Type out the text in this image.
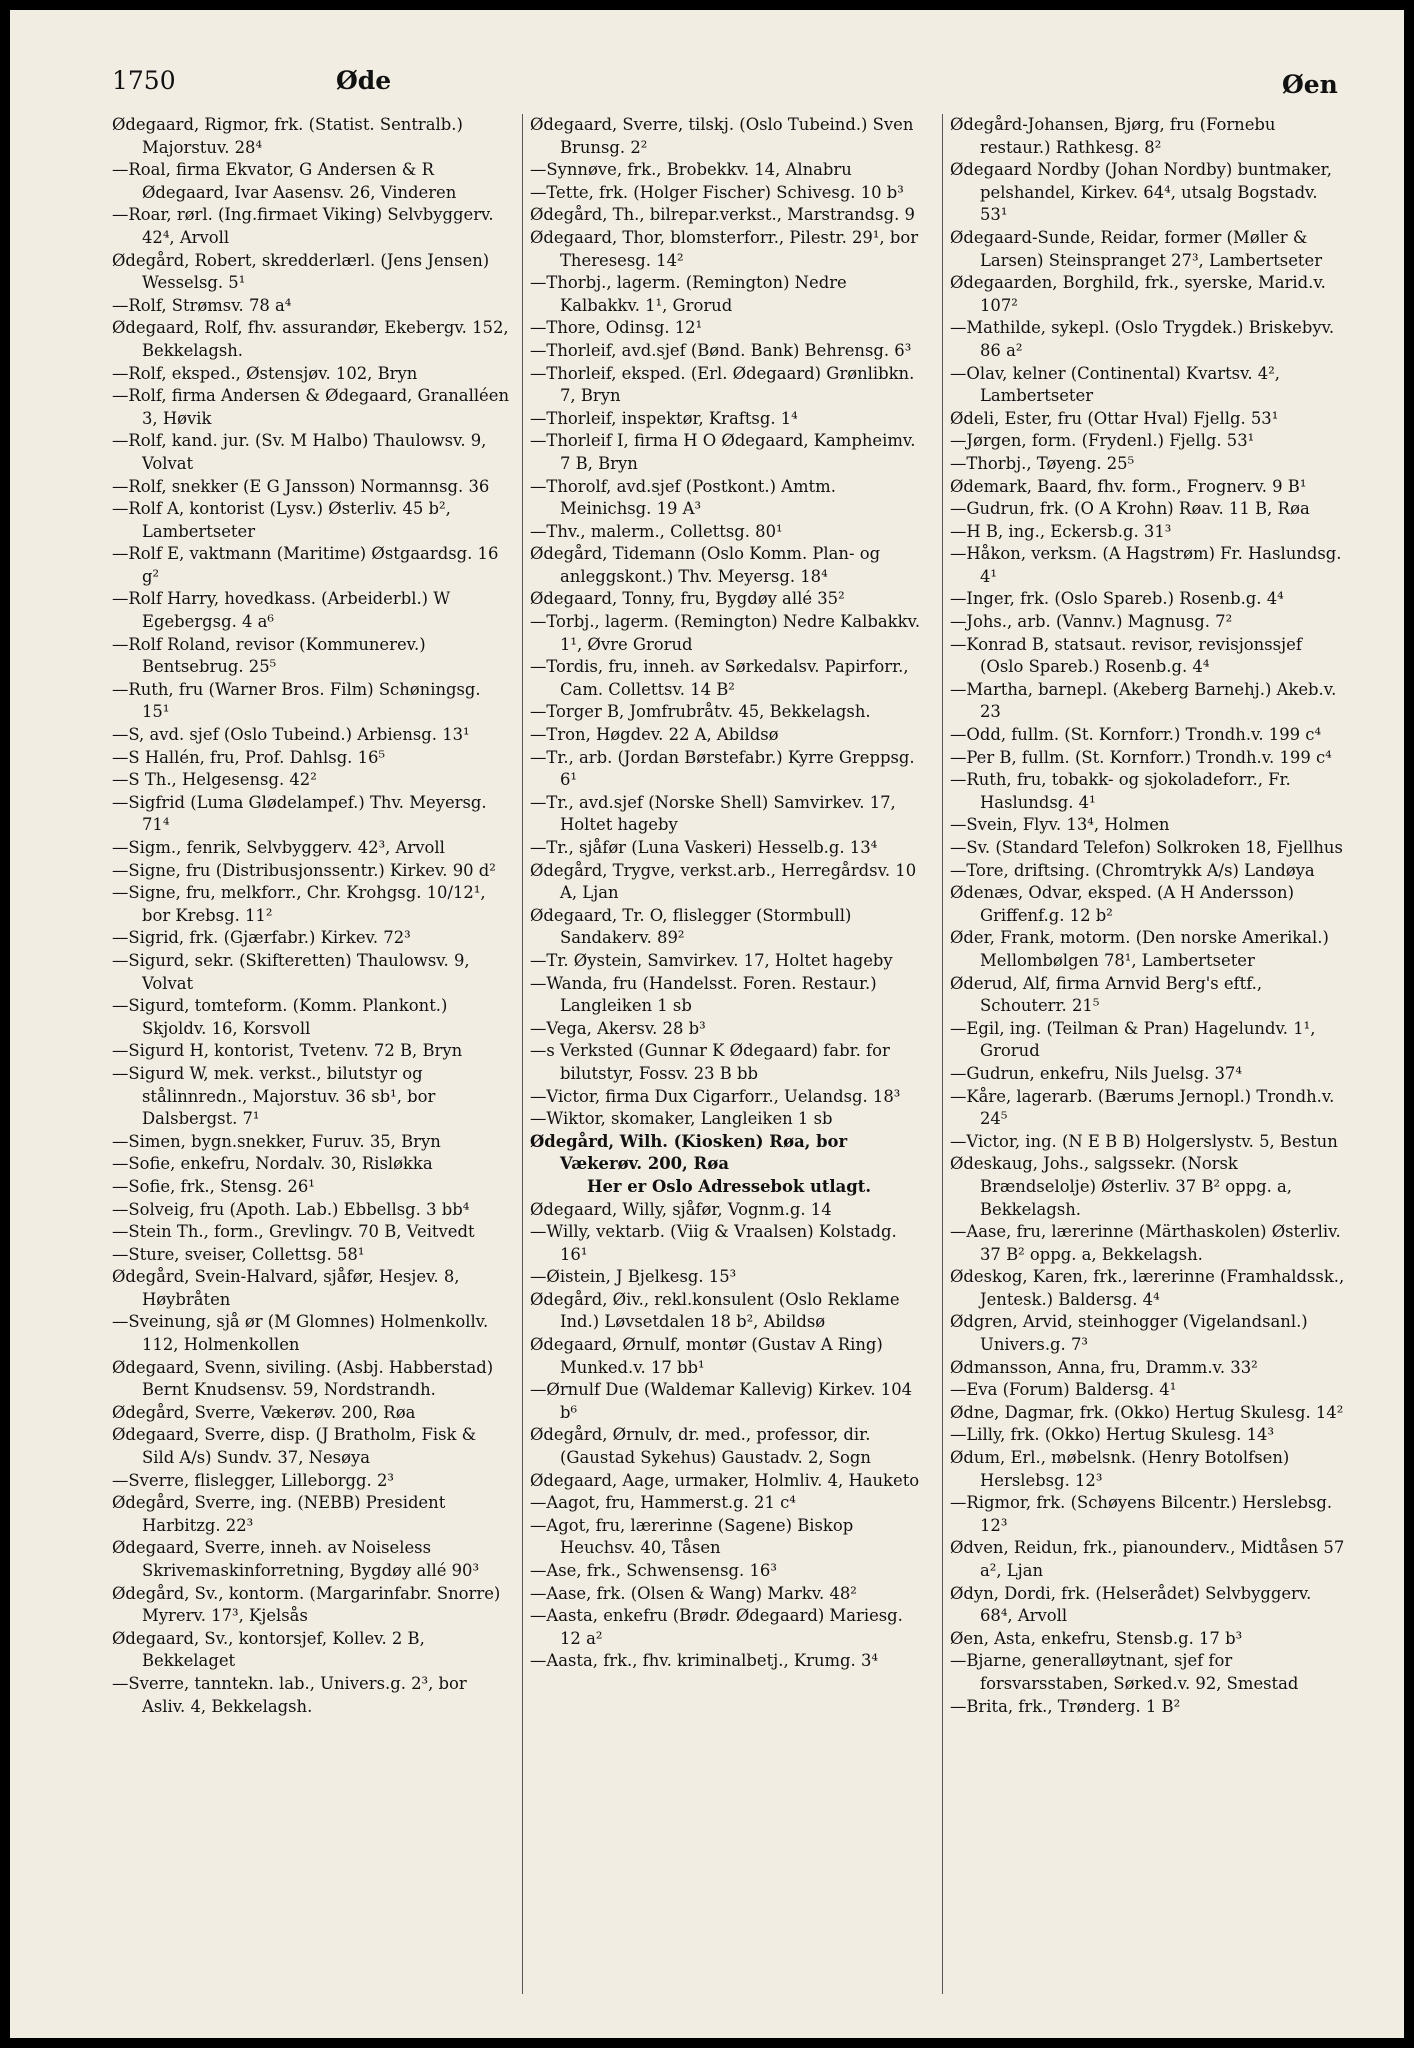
1750	Øde	Øen
Ødegaard, Rigmor, frk. (Statist. Sentralb.) Majorstuv. 28⁴
—Roal, firma Ekvator, G Andersen & R Ødegaard, Ivar Aasensv. 26, Vinderen
—Roar, rørl. (Ing.firmaet Viking) Selvbyggerv. 42⁴, Arvoll
Ødegård, Robert, skredderlærl. (Jens Jensen) Wesselsg. 5¹
—Rolf, Strømsv. 78 a⁴
Ødegaard, Rolf, fhv. assurandør, Ekebergv. 152, Bekkelagsh.
—Rolf, eksped., Østensjøv. 102, Bryn
—Rolf, firma Andersen & Ødegaard, Granalléen 3, Høvik
—Rolf, kand. jur. (Sv. M Halbo) Thaulowsv. 9, Volvat
—Rolf, snekker (E G Jansson) Normannsg. 36
—Rolf A, kontorist (Lysv.) Østerliv. 45 b², Lambertseter
—Rolf E, vaktmann (Maritime) Østgaardsg. 16 g²
—Rolf Harry, hovedkass. (Arbeiderbl.) W Egebergsg. 4 a⁶
—Rolf Roland, revisor (Kommunerev.) Bentsebrug. 25⁵
—Ruth, fru (Warner Bros. Film) Schøningsg. 15¹
—S, avd. sjef (Oslo Tubeind.) Arbiensg. 13¹
—S Hallén, fru, Prof. Dahlsg. 16⁵
—S Th., Helgesensg. 42²
—Sigfrid (Luma Glødelampef.) Thv. Meyersg. 71⁴
—Sigm., fenrik, Selvbyggerv. 42³, Arvoll
—Signe, fru (Distribusjonssentr.) Kirkev. 90 d²
—Signe, fru, melkforr., Chr. Krohgsg. 10/12¹, bor Krebsg. 11²
—Sigrid, frk. (Gjærfabr.) Kirkev. 72³
—Sigurd, sekr. (Skifteretten) Thaulowsv. 9, Volvat
—Sigurd, tomteform. (Komm. Plankont.) Skjoldv. 16, Korsvoll
—Sigurd H, kontorist, Tvetenv. 72 B, Bryn
—Sigurd W, mek. verkst., bilutstyr og stålinnredn., Majorstuv. 36 sb¹, bor Dalsbergst. 7¹
—Simen, bygn.snekker, Furuv. 35, Bryn
—Sofie, enkefru, Nordalv. 30, Risløkka
—Sofie, frk., Stensg. 26¹
—Solveig, fru (Apoth. Lab.) Ebbellsg. 3 bb⁴
—Stein Th., form., Grevlingv. 70 B, Veitvedt
—Sture, sveiser, Collettsg. 58¹
Ødegård, Svein-Halvard, sjåfør, Hesjev. 8, Høybråten
—Sveinung, sjå ør (M Glomnes) Holmenkollv. 112, Holmenkollen
Ødegaard, Svenn, siviling. (Asbj. Habberstad) Bernt Knudsensv. 59, Nordstrandh.
Ødegård, Sverre, Vækerøv. 200, Røa
Ødegaard, Sverre, disp. (J Bratholm, Fisk & Sild A/s) Sundv. 37, Nesøya
—Sverre, flislegger, Lilleborgg. 2³
Ødegård, Sverre, ing. (NEBB) President Harbitzg. 22³
Ødegaard, Sverre, inneh. av Noiseless Skrivemaskinforretning, Bygdøy allé 90³
Ødegård, Sv., kontorm. (Margarinfabr. Snorre) Myrerv. 17³, Kjelsås
Ødegaard, Sv., kontorsjef, Kollev. 2 B, Bekkelaget
—Sverre, tanntekn. lab., Univers.g. 2³, bor Asliv. 4, Bekkelagsh.
Ødegaard, Sverre, tilskj. (Oslo Tubeind.) Sven Brunsg. 2²
—Synnøve, frk., Brobekkv. 14, Alnabru
—Tette, frk. (Holger Fischer) Schivesg. 10 b³
Ødegård, Th., bilrepar.verkst., Marstrandsg. 9
Ødegaard, Thor, blomsterforr., Pilestr. 29¹, bor Theresesg. 14²
—Thorbj., lagerm. (Remington) Nedre Kalbakkv. 1¹, Grorud
—Thore, Odinsg. 12¹
—Thorleif, avd.sjef (Bønd. Bank) Behrensg. 6³
—Thorleif, eksped. (Erl. Ødegaard) Grønlibkn. 7, Bryn
—Thorleif, inspektør, Kraftsg. 1⁴
—Thorleif I, firma H O Ødegaard, Kampheimv. 7 B, Bryn
—Thorolf, avd.sjef (Postkont.) Amtm. Meinichsg. 19 A³
—Thv., malerm., Collettsg. 80¹
Ødegård, Tidemann (Oslo Komm. Plan- og anleggskont.) Thv. Meyersg. 18⁴
Ødegaard, Tonny, fru, Bygdøy allé 35²
—Torbj., lagerm. (Remington) Nedre Kalbakkv. 1¹, Øvre Grorud
—Tordis, fru, inneh. av Sørkedalsv. Papirforr., Cam. Collettsv. 14 B²
—Torger B, Jomfrubråtv. 45, Bekkelagsh.
—Tron, Høgdev. 22 A, Abildsø
—Tr., arb. (Jordan Børstefabr.) Kyrre Greppsg. 6¹
—Tr., avd.sjef (Norske Shell) Samvirkev. 17, Holtet hageby
—Tr., sjåfør (Luna Vaskeri) Hesselb.g. 13⁴
Ødegård, Trygve, verkst.arb., Herregårdsv. 10 A, Ljan
Ødegaard, Tr. O, flislegger (Stormbull) Sandakerv. 89²
—Tr. Øystein, Samvirkev. 17, Holtet hageby
—Wanda, fru (Handelsst. Foren. Restaur.) Langleiken 1 sb
—Vega, Akersv. 28 b³
—s Verksted (Gunnar K Ødegaard) fabr. for bilutstyr, Fossv. 23 B bb
—Victor, firma Dux Cigarforr., Uelandsg. 18³
—Wiktor, skomaker, Langleiken 1 sb
Ødegård, Wilh. (Kiosken) Røa, bor Vækerøv. 200, Røa
Her er Oslo Adressebok utlagt.
Ødegaard, Willy, sjåfør, Vognm.g. 14
—Willy, vektarb. (Viig & Vraalsen) Kolstadg. 16¹
—Øistein, J Bjelkesg. 15³
Ødegård, Øiv., rekl.konsulent (Oslo Reklame Ind.) Løvsetdalen 18 b², Abildsø
Ødegaard, Ørnulf, montør (Gustav A Ring) Munked.v. 17 bb¹
—Ørnulf Due (Waldemar Kallevig) Kirkev. 104 b⁶
Ødegård, Ørnulv, dr. med., professor, dir. (Gaustad Sykehus) Gaustadv. 2, Sogn
Ødegaard, Aage, urmaker, Holmliv. 4, Hauketo
—Aagot, fru, Hammerst.g. 21 c⁴
—Agot, fru, lærerinne (Sagene) Biskop Heuchsv. 40, Tåsen
—Ase, frk., Schwensensg. 16³
—Aase, frk. (Olsen & Wang) Markv. 48²
—Aasta, enkefru (Brødr. Ødegaard) Mariesg. 12 a²
—Aasta, frk., fhv. kriminalbetj., Krumg. 3⁴
Ødegård-Johansen, Bjørg, fru (Fornebu restaur.) Rathkesg. 8²
Ødegaard Nordby (Johan Nordby) buntmaker, pelshandel, Kirkev. 64⁴, utsalg Bogstadv. 53¹
Ødegaard-Sunde, Reidar, former (Møller & Larsen) Steinspranget 27³, Lambertseter
Ødegaarden, Borghild, frk., syerske, Marid.v. 107²
—Mathilde, sykepl. (Oslo Trygdek.) Briskebyv. 86 a²
—Olav, kelner (Continental) Kvartsv. 4², Lambertseter
Ødeli, Ester, fru (Ottar Hval) Fjellg. 53¹
—Jørgen, form. (Frydenl.) Fjellg. 53¹
—Thorbj., Tøyeng. 25⁵
Ødemark, Baard, fhv. form., Frognerv. 9 B¹
—Gudrun, frk. (O A Krohn) Røav. 11 B, Røa
—H B, ing., Eckersb.g. 31³
—Håkon, verksm. (A Hagstrøm) Fr. Haslundsg. 4¹
—Inger, frk. (Oslo Spareb.) Rosenb.g. 4⁴
—Johs., arb. (Vannv.) Magnusg. 7²
—Konrad B, statsaut. revisor, revisjonssjef (Oslo Spareb.) Rosenb.g. 4⁴
—Martha, barnepl. (Akeberg Barnehj.) Akeb.v. 23
—Odd, fullm. (St. Kornforr.) Trondh.v. 199 c⁴
—Per B, fullm. (St. Kornforr.) Trondh.v. 199 c⁴
—Ruth, fru, tobakk- og sjokoladeforr., Fr. Haslundsg. 4¹
—Svein, Flyv. 13⁴, Holmen
—Sv. (Standard Telefon) Solkroken 18, Fjellhus
—Tore, driftsing. (Chromtrykk A/s) Landøya
Ødenæs, Odvar, eksped. (A H Andersson) Griffenf.g. 12 b²
Øder, Frank, motorm. (Den norske Amerikal.) Mellombølgen 78¹, Lambertseter
Øderud, Alf, firma Arnvid Berg's eftf., Schouterr. 21⁵
—Egil, ing. (Teilman & Pran) Hagelundv. 1¹, Grorud
—Gudrun, enkefru, Nils Juelsg. 37⁴
—Kåre, lagerarb. (Bærums Jernopl.) Trondh.v. 24⁵
—Victor, ing. (N E B B) Holgerslystv. 5, Bestun
Ødeskaug, Johs., salgssekr. (Norsk Brændselolje) Østerliv. 37 B² oppg. a, Bekkelagsh.
—Aase, fru, lærerinne (Märthaskolen) Østerliv. 37 B² oppg. a, Bekkelagsh.
Ødeskog, Karen, frk., lærerinne (Framhaldssk., Jentesk.) Baldersg. 4⁴
Ødgren, Arvid, steinhogger (Vigelandsanl.) Univers.g. 7³
Ødmansson, Anna, fru, Dramm.v. 33²
—Eva (Forum) Baldersg. 4¹
Ødne, Dagmar, frk. (Okko) Hertug Skulesg. 14²
—Lilly, frk. (Okko) Hertug Skulesg. 14³
Ødum, Erl., møbelsnk. (Henry Botolfsen) Herslebsg. 12³
—Rigmor, frk. (Schøyens Bilcentr.) Herslebsg. 12³
Ødven, Reidun, frk., pianounderv., Midtåsen 57 a², Ljan
Ødyn, Dordi, frk. (Helserådet) Selvbyggerv. 68⁴, Arvoll
Øen, Asta, enkefru, Stensb.g. 17 b³
—Bjarne, generalløytnant, sjef for forsvarsstaben, Sørked.v. 92, Smestad
—Brita, frk., Trønderg. 1 B²
